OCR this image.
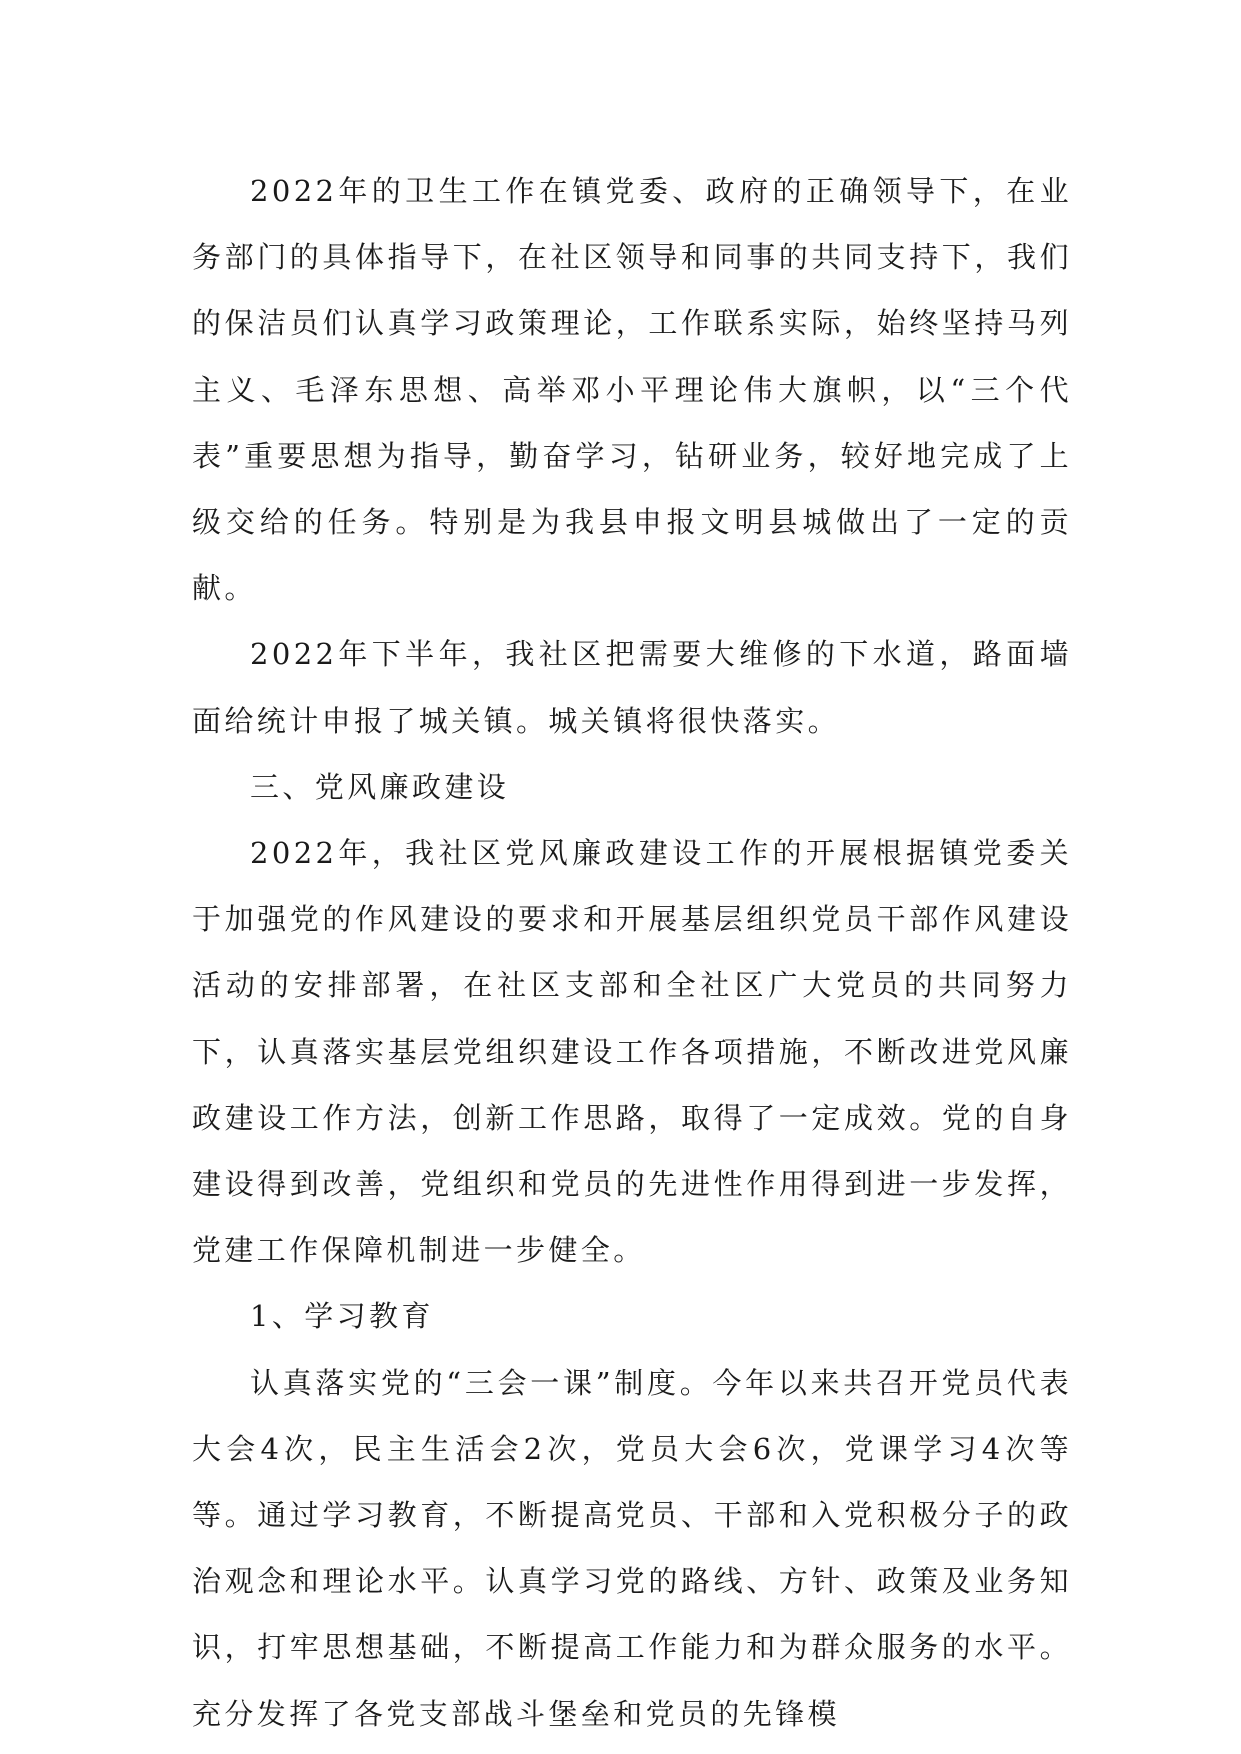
2022年的卫生工作在镇党委、政府的正确领导下，在业务部门的具体指导下，在社区领导和同事的共同支持下，我们的保洁员们认真学习政策理论，工作联系实际，始终坚持马列主义、毛泽东思想、高举邓小平理论伟大旗帜，以“三个代表”重要思想为指导，勤奋学习，钻研业务，较好地完成了上级交给的任务。特别是为我县申报文明县城做出了一定的贡献。

2022年下半年，我社区把需要大维修的下水道，路面墙面给统计申报了城关镇。城关镇将很快落实。

三、党风廉政建设

2022年，我社区党风廉政建设工作的开展根据镇党委关于加强党的作风建设的要求和开展基层组织党员干部作风建设活动的安排部署，在社区支部和全社区广大党员的共同努力下，认真落实基层党组织建设工作各项措施，不断改进党风廉政建设工作方法，创新工作思路，取得了一定成效。党的自身建设得到改善，党组织和党员的先进性作用得到进一步发挥，党建工作保障机制进一步健全。

1、学习教育

认真落实党的“三会一课”制度。今年以来共召开党员代表大会4次，民主生活会2次，党员大会6次，党课学习4次等等。通过学习教育，不断提高党员、干部和入党积极分子的政治观念和理论水平。认真学习党的路线、方针、政策及业务知识，打牢思想基础，不断提高工作能力和为群众服务的水平。充分发挥了各党支部战斗堡垒和党员的先锋模
